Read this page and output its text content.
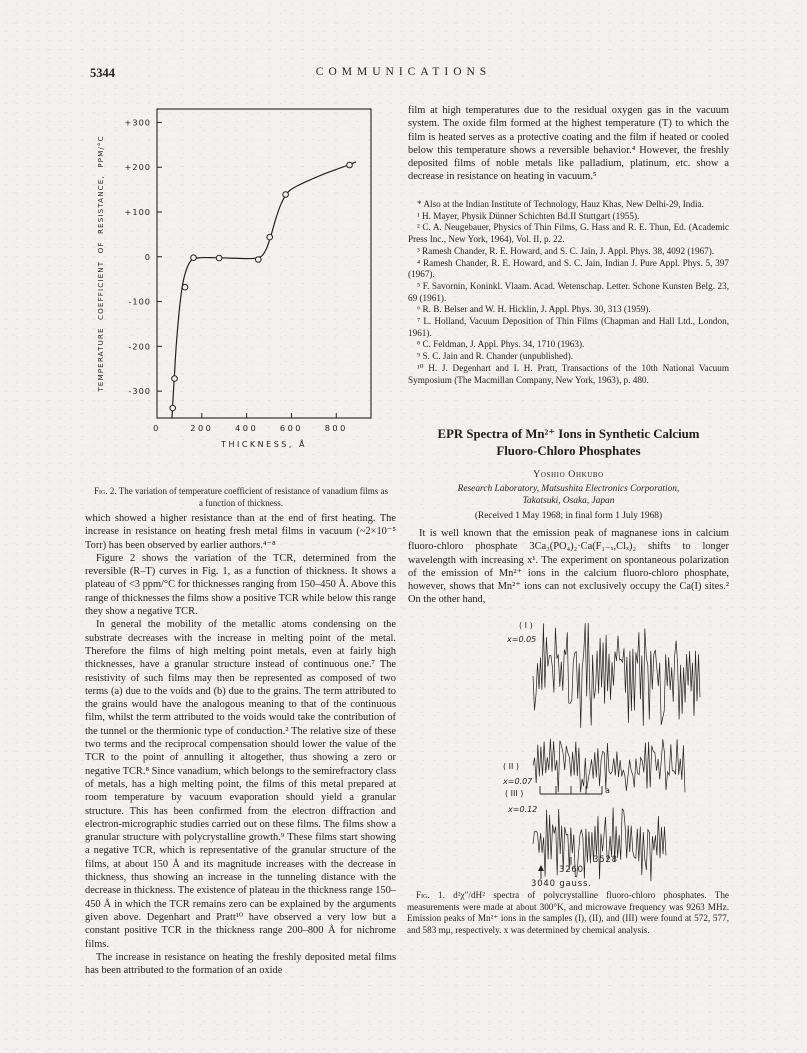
5344	COMMUNICATIONS
+300
+200
+100
0
-100
-200
-300
0	200	400	600	800
TEMPERATURE COEFFICIENT OF RESISTANCE, PPM/°C
THICKNESS, Å
Fig. 2. The variation of temperature coefficient of resistance of vanadium films as a function of thickness.

which showed a higher resistance than at the end of first heating. The increase in resistance on heating fresh metal films in vacuum (~2×10⁻⁵ Torr) has been observed by earlier authors.⁴⁻⁸

Figure 2 shows the variation of the TCR, determined from the reversible (R–T) curves in Fig. 1, as a function of thickness. It shows a plateau of <3 ppm/°C for thicknesses ranging from 150–450 Å. Above this range of thicknesses the films show a positive TCR while below this range they show a negative TCR.

In general the mobility of the metallic atoms condensing on the substrate decreases with the increase in melting point of the metal. Therefore the films of high melting point metals, even at fairly high thicknesses, have a granular structure instead of continuous one.⁷ The resistivity of such films may then be represented as composed of two terms (a) due to the voids and (b) due to the grains. The term attributed to the grains would have the analogous meaning to that of the continuous film, whilst the term attributed to the voids would take the contribution of the tunnel or the thermionic type of conduction.² The relative size of these two terms and the reciprocal compensation should lower the value of the TCR to the point of annulling it altogether, thus showing a zero or negative TCR.⁸ Since vanadium, which belongs to the semirefractory class of metals, has a high melting point, the films of this metal prepared at room temperature by vacuum evaporation should yield a granular structure. This has been confirmed from the electron diffraction and electron-micrographic studies carried out on these films. The films show a granular structure with polycrystalline growth.⁹ These films start showing a negative TCR, which is representative of the granular structure of the films, at about 150 Å and its magnitude increases with the decrease in thickness, thus showing an increase in the tunneling distance with the decrease in thickness. The existence of plateau in the thickness range 150–450 Å in which the TCR remains zero can be explained by the arguments given above. Degenhart and Pratt¹⁰ have observed a very low but a constant positive TCR in the thickness range 200–800 Å for nichrome films.

The increase in resistance on heating the freshly deposited metal films has been attributed to the formation of an oxide

film at high temperatures due to the residual oxygen gas in the vacuum system. The oxide film formed at the highest temperature (T) to which the film is heated serves as a protective coating and the film if heated or cooled below this temperature shows a reversible behavior.⁴ However, the freshly deposited films of noble metals like palladium, platinum, etc. show a decrease in resistance on heating in vacuum.⁵

* Also at the Indian Institute of Technology, Hauz Khas, New Delhi-29, India.

¹ H. Mayer, Physik Dünner Schichten Bd.II Stuttgart (1955).

² C. A. Neugebauer, Physics of Thin Films, G. Hass and R. E. Thun, Ed. (Academic Press Inc., New York, 1964), Vol. II, p. 22.

³ Ramesh Chander, R. E. Howard, and S. C. Jain, J. Appl. Phys. 38, 4092 (1967).

⁴ Ramesh Chander, R. E. Howard, and S. C. Jain, Indian J. Pure Appl. Phys. 5, 397 (1967).

⁵ F. Savornin, Koninkl. Vlaam. Acad. Wetenschap. Letter. Schone Kunsten Belg. 23, 69 (1961).

⁶ R. B. Belser and W. H. Hicklin, J. Appl. Phys. 30, 313 (1959).

⁷ L. Holland, Vacuum Deposition of Thin Films (Chapman and Hall Ltd., London, 1961).

⁸ C. Feldman, J. Appl. Phys. 34, 1710 (1963).

⁹ S. C. Jain and R. Chander (unpublished).

¹⁰ H. J. Degenhart and I. H. Pratt, Transactions of the 10th National Vacuum Symposium (The Macmillan Company, New York, 1963), p. 480.

EPR Spectra of Mn²⁺ Ions in Synthetic Calcium
Fluoro-Chloro Phosphates

Yoshio Ohkubo
Research Laboratory, Matsushita Electronics Corporation,
Takatsuki, Osaka, Japan
(Received 1 May 1968; in final form 1 July 1968)

It is well known that the emission peak of magnanese ions in calcium fluoro-chloro phosphate 3Ca₃(PO₄)₂·Ca(F₁₋ₓ,Clₓ)₂ shifts to longer wavelength with increasing x¹. The experiment on spontaneous polarization of the emission of Mn²⁺ ions in the calcium fluoro-chloro phosphate, however, shows that Mn²⁺ ions can not exclusively occupy the Ca(I) sites.² On the other hand,

( I )
x=0.05
( II )
x=0.07
( III )
x=0.12
a
3528
3260
3040 gauss.
Fig. 1. d²χ″/dH² spectra of polycrystalline fluoro-chloro phosphates. The measurements were made at about 300°K, and microwave frequency was 9263 MHz. Emission peaks of Mn²⁺ ions in the samples (I), (II), and (III) were found at 572, 577, and 583 mμ, respectively. x was determined by chemical analysis.
